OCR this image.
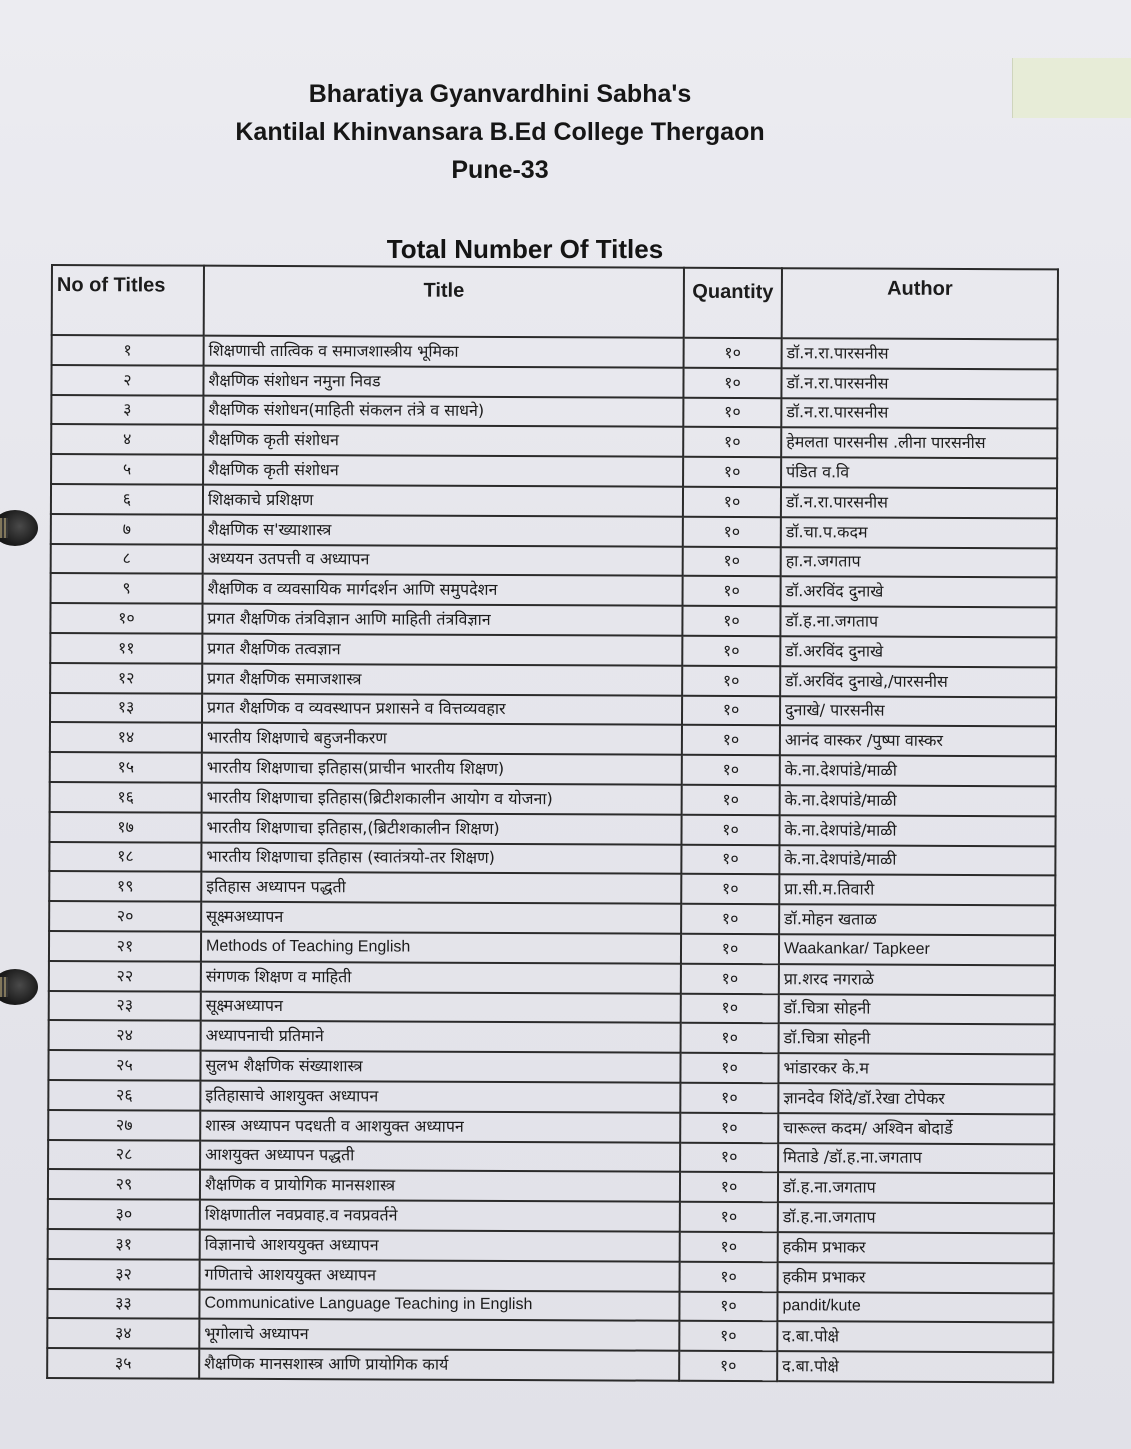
Bharatiya Gyanvardhini Sabha's
Kantilal Khinvansara B.Ed College Thergaon
Pune-33
Total Number Of Titles
No of Titles	Title	Quantity	Author
१	शिक्षणाची तात्विक व समाजशास्त्रीय भूमिका	१०	डॉ.न.रा.पारसनीस
२	शैक्षणिक संशोधन नमुना निवड	१०	डॉ.न.रा.पारसनीस
३	शैक्षणिक संशोधन(माहिती संकलन तंत्रे व साधने)	१०	डॉ.न.रा.पारसनीस
४	शैक्षणिक कृती संशोधन	१०	हेमलता पारसनीस .लीना पारसनीस
५	शैक्षणिक कृती संशोधन	१०	पंडित व.वि
६	शिक्षकाचे प्रशिक्षण	१०	डॉ.न.रा.पारसनीस
७	शैक्षणिक स'ख्याशास्त्र	१०	डॉ.चा.प.कदम
८	अध्ययन उतपत्ती व अध्यापन	१०	हा.न.जगताप
९	शैक्षणिक व व्यवसायिक मार्गदर्शन आणि समुपदेशन	१०	डॉ.अरविंद दुनाखे
१०	प्रगत शैक्षणिक तंत्रविज्ञान आणि माहिती तंत्रविज्ञान	१०	डॉ.ह.ना.जगताप
११	प्रगत शैक्षणिक तत्वज्ञान	१०	डॉ.अरविंद दुनाखे
१२	प्रगत शैक्षणिक समाजशास्त्र	१०	डॉ.अरविंद दुनाखे,/पारसनीस
१३	प्रगत शैक्षणिक व व्यवस्थापन प्रशासने व वित्तव्यवहार	१०	दुनाखे/ पारसनीस
१४	भारतीय शिक्षणाचे बहुजनीकरण	१०	आनंद वास्कर /पुष्पा वास्कर
१५	भारतीय शिक्षणाचा इतिहास(प्राचीन भारतीय शिक्षण)	१०	के.ना.देशपांडे/माळी
१६	भारतीय शिक्षणाचा इतिहास(ब्रिटीशकालीन आयोग व योजना)	१०	के.ना.देशपांडे/माळी
१७	भारतीय शिक्षणाचा इतिहास,(ब्रिटीशकालीन शिक्षण)	१०	के.ना.देशपांडे/माळी
१८	भारतीय शिक्षणाचा इतिहास (स्वातंत्रयो-तर शिक्षण)	१०	के.ना.देशपांडे/माळी
१९	इतिहास अध्यापन पद्धती	१०	प्रा.सी.म.तिवारी
२०	सूक्ष्मअध्यापन	१०	डॉ.मोहन खताळ
२१	Methods of Teaching English	१०	Waakankar/ Tapkeer
२२	संगणक शिक्षण व माहिती	१०	प्रा.शरद नगराळे
२३	सूक्ष्मअध्यापन	१०	डॉ.चित्रा सोहनी
२४	अध्यापनाची प्रतिमाने	१०	डॉ.चित्रा सोहनी
२५	सुलभ शैक्षणिक संख्याशास्त्र	१०	भांडारकर के.म
२६	इतिहासाचे आशयुक्त अध्यापन	१०	ज्ञानदेव शिंदे/डॉ.रेखा टोपेकर
२७	शास्त्र अध्यापन पदधती व आशयुक्त अध्यापन	१०	चारूल्त कदम/ अश्विन बोदार्डे
२८	आशयुक्त अध्यापन पद्धती	१०	मिताडे /डॉ.ह.ना.जगताप
२९	शैक्षणिक व प्रायोगिक मानसशास्त्र	१०	डॉ.ह.ना.जगताप
३०	शिक्षणातील नवप्रवाह.व नवप्रवर्तने	१०	डॉ.ह.ना.जगताप
३१	विज्ञानाचे आशययुक्त अध्यापन	१०	हकीम प्रभाकर
३२	गणिताचे आशययुक्त अध्यापन	१०	हकीम प्रभाकर
३३	Communicative Language Teaching in English	१०	pandit/kute
३४	भूगोलाचे अध्यापन	१०	द.बा.पोक्षे
३५	शैक्षणिक मानसशास्त्र आणि प्रायोगिक कार्य	१०	द.बा.पोक्षे
